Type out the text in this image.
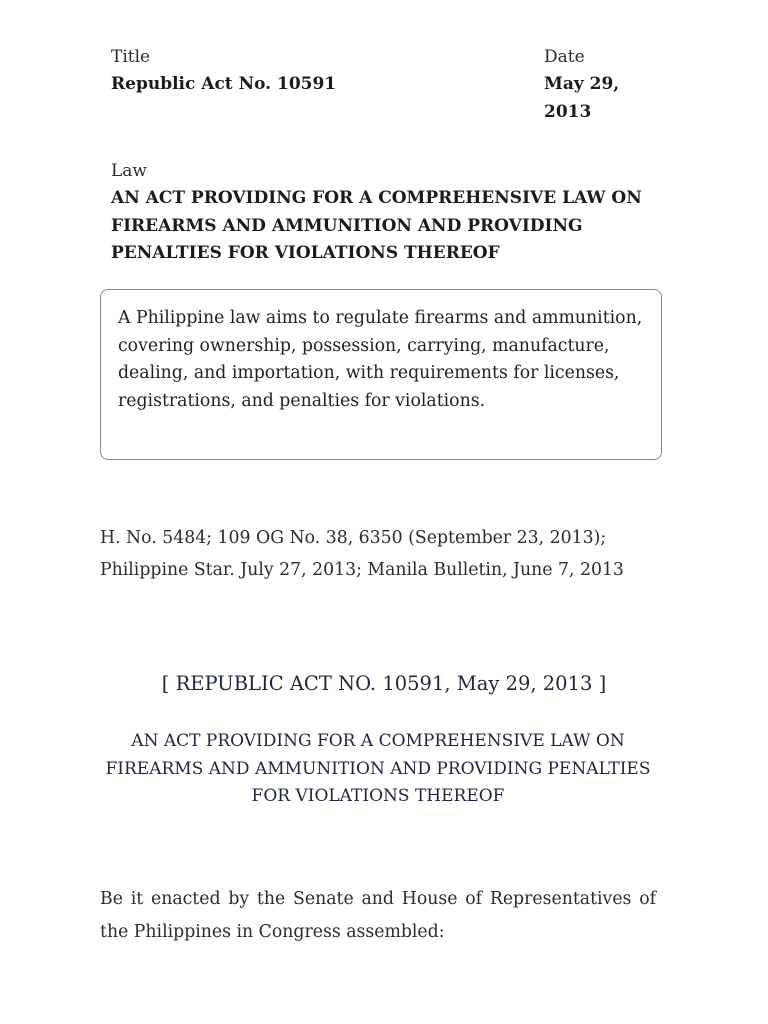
Title
Republic Act No. 10591
Date
May 29, 2013
Law
AN ACT PROVIDING FOR A COMPREHENSIVE LAW ON FIREARMS AND AMMUNITION AND PROVIDING PENALTIES FOR VIOLATIONS THEREOF
A Philippine law aims to regulate firearms and ammunition, covering ownership, possession, carrying, manufacture, dealing, and importation, with requirements for licenses, registrations, and penalties for violations.
H. No. 5484; 109 OG No. 38, 6350 (September 23, 2013); Philippine Star. July 27, 2013; Manila Bulletin, June 7, 2013
[ REPUBLIC ACT NO. 10591, May 29, 2013 ]
AN ACT PROVIDING FOR A COMPREHENSIVE LAW ON FIREARMS AND AMMUNITION AND PROVIDING PENALTIES FOR VIOLATIONS THEREOF
Be it enacted by the Senate and House of Representatives of the Philippines in Congress assembled:
